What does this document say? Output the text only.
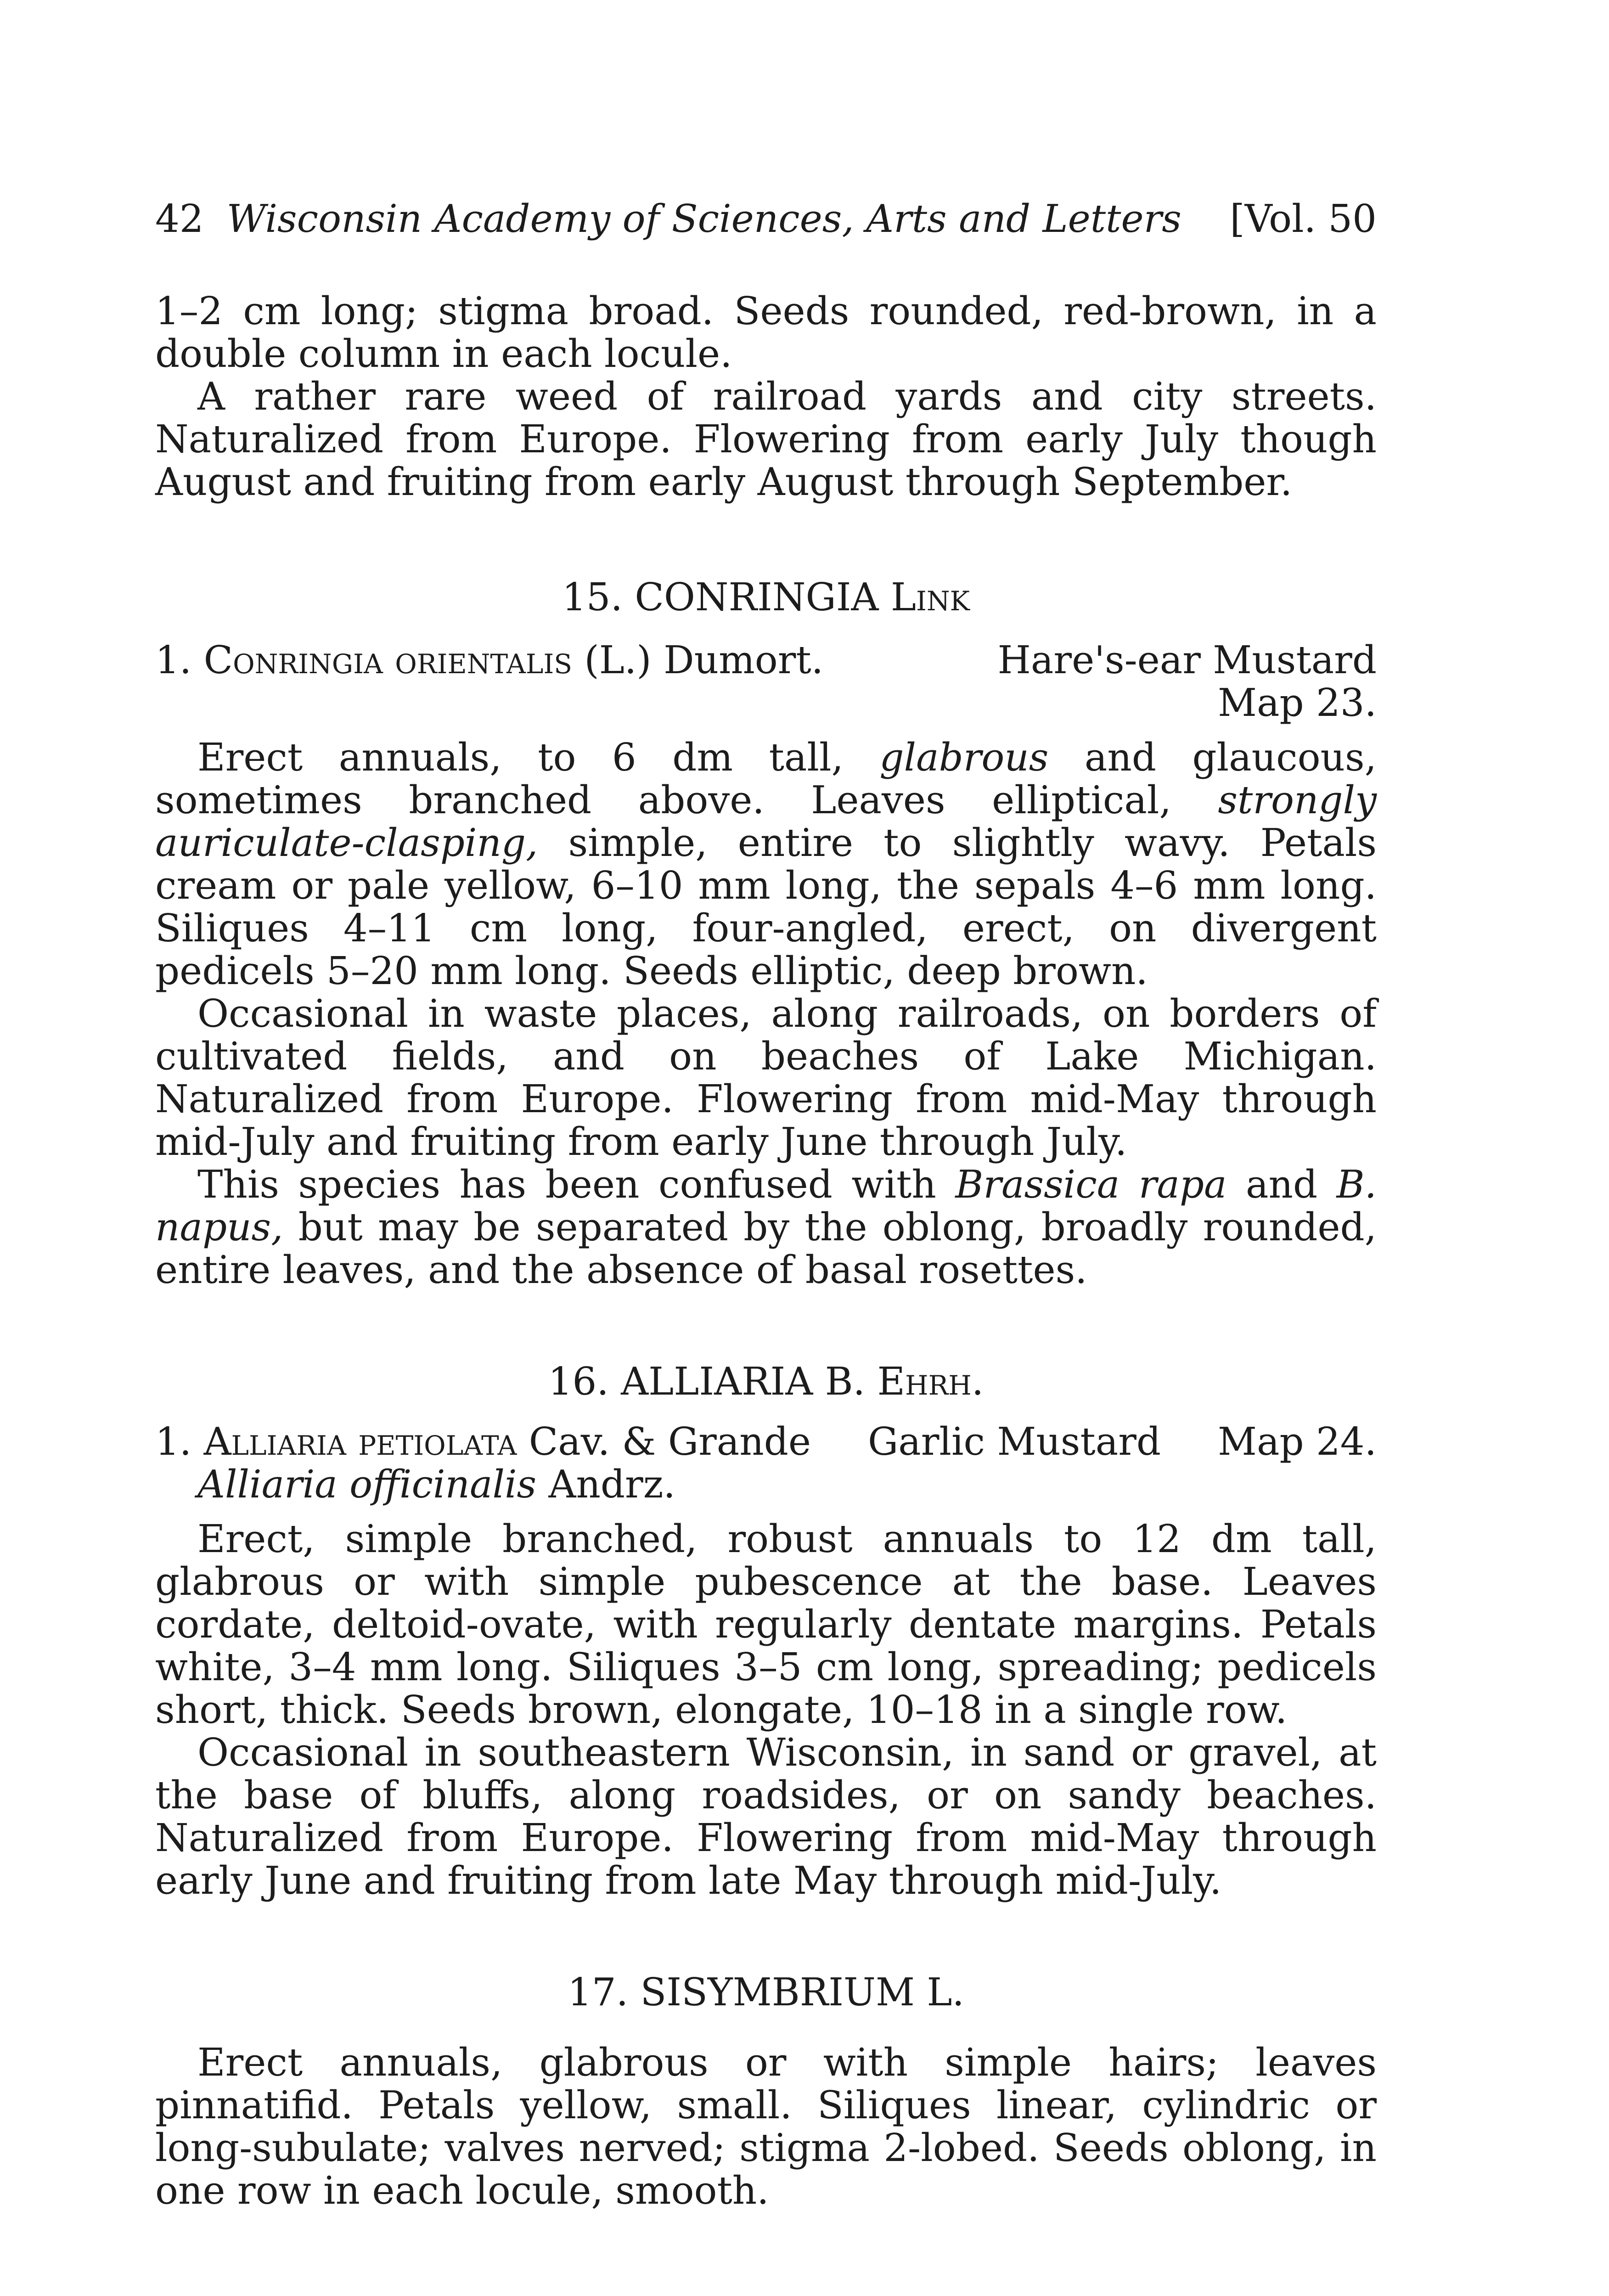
42 Wisconsin Academy of Sciences, Arts and Letters	[Vol. 50

1–2 cm long; stigma broad. Seeds rounded, red-brown, in a double column in each locule.

A rather rare weed of railroad yards and city streets. Naturalized from Europe. Flowering from early July though August and fruiting from early August through September.

15. CONRINGIA Link

1. Conringia orientalis (L.) Dumort.	Hare's-ear Mustard
Map 23.

Erect annuals, to 6 dm tall, glabrous and glaucous, sometimes branched above. Leaves elliptical, strongly auriculate-clasping, simple, entire to slightly wavy. Petals cream or pale yellow, 6–10 mm long, the sepals 4–6 mm long. Siliques 4–11 cm long, four-angled, erect, on divergent pedicels 5–20 mm long. Seeds elliptic, deep brown.

Occasional in waste places, along railroads, on borders of cultivated fields, and on beaches of Lake Michigan. Naturalized from Europe. Flowering from mid-May through mid-July and fruiting from early June through July.

This species has been confused with Brassica rapa and B. napus, but may be separated by the oblong, broadly rounded, entire leaves, and the absence of basal rosettes.

16. ALLIARIA B. Ehrh.

1. Alliaria petiolata Cav. & Grande Garlic Mustard Map 24.
Alliaria officinalis Andrz.

Erect, simple branched, robust annuals to 12 dm tall, glabrous or with simple pubescence at the base. Leaves cordate, deltoid-ovate, with regularly dentate margins. Petals white, 3–4 mm long. Siliques 3–5 cm long, spreading; pedicels short, thick. Seeds brown, elongate, 10–18 in a single row.

Occasional in southeastern Wisconsin, in sand or gravel, at the base of bluffs, along roadsides, or on sandy beaches. Naturalized from Europe. Flowering from mid-May through early June and fruiting from late May through mid-July.

17. SISYMBRIUM L.

Erect annuals, glabrous or with simple hairs; leaves pinnatifid. Petals yellow, small. Siliques linear, cylindric or long-subulate; valves nerved; stigma 2-lobed. Seeds oblong, in one row in each locule, smooth.
